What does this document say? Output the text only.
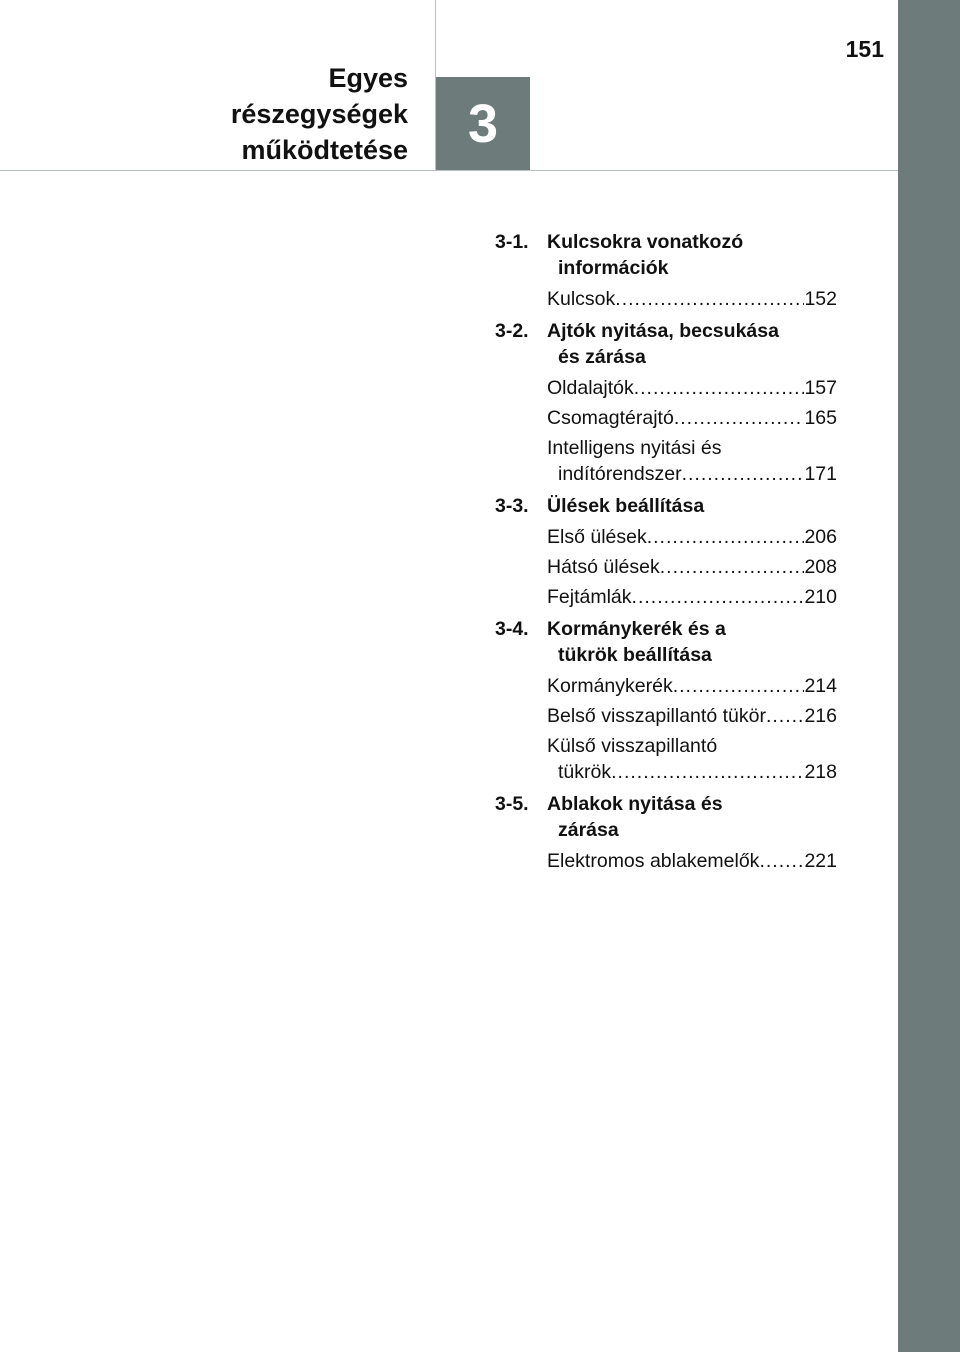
Egyes
részegységek
működtetése 3
151
3-1. Kulcsokra vonatkozó
információk
Kulcsok .....	152
3-2. Ajtók nyitása, becsukása
és zárása
Oldalajtók .....	157
Csomagtérajtó .....	165
Intelligens nyitási és
indítórendszer .....	171
3-3. Ülések beállítása
Első ülések .....	206
Hátsó ülések .....	208
Fejtámlák .....	210
3-4. Kormánykerék és a
tükrök beállítása
Kormánykerék .....	214
Belső visszapillantó tükör ..... 216
Külső visszapillantó
tükrök .....	218
3-5. Ablakok nyitása és
zárása
Elektromos ablakemelők ..... 221
